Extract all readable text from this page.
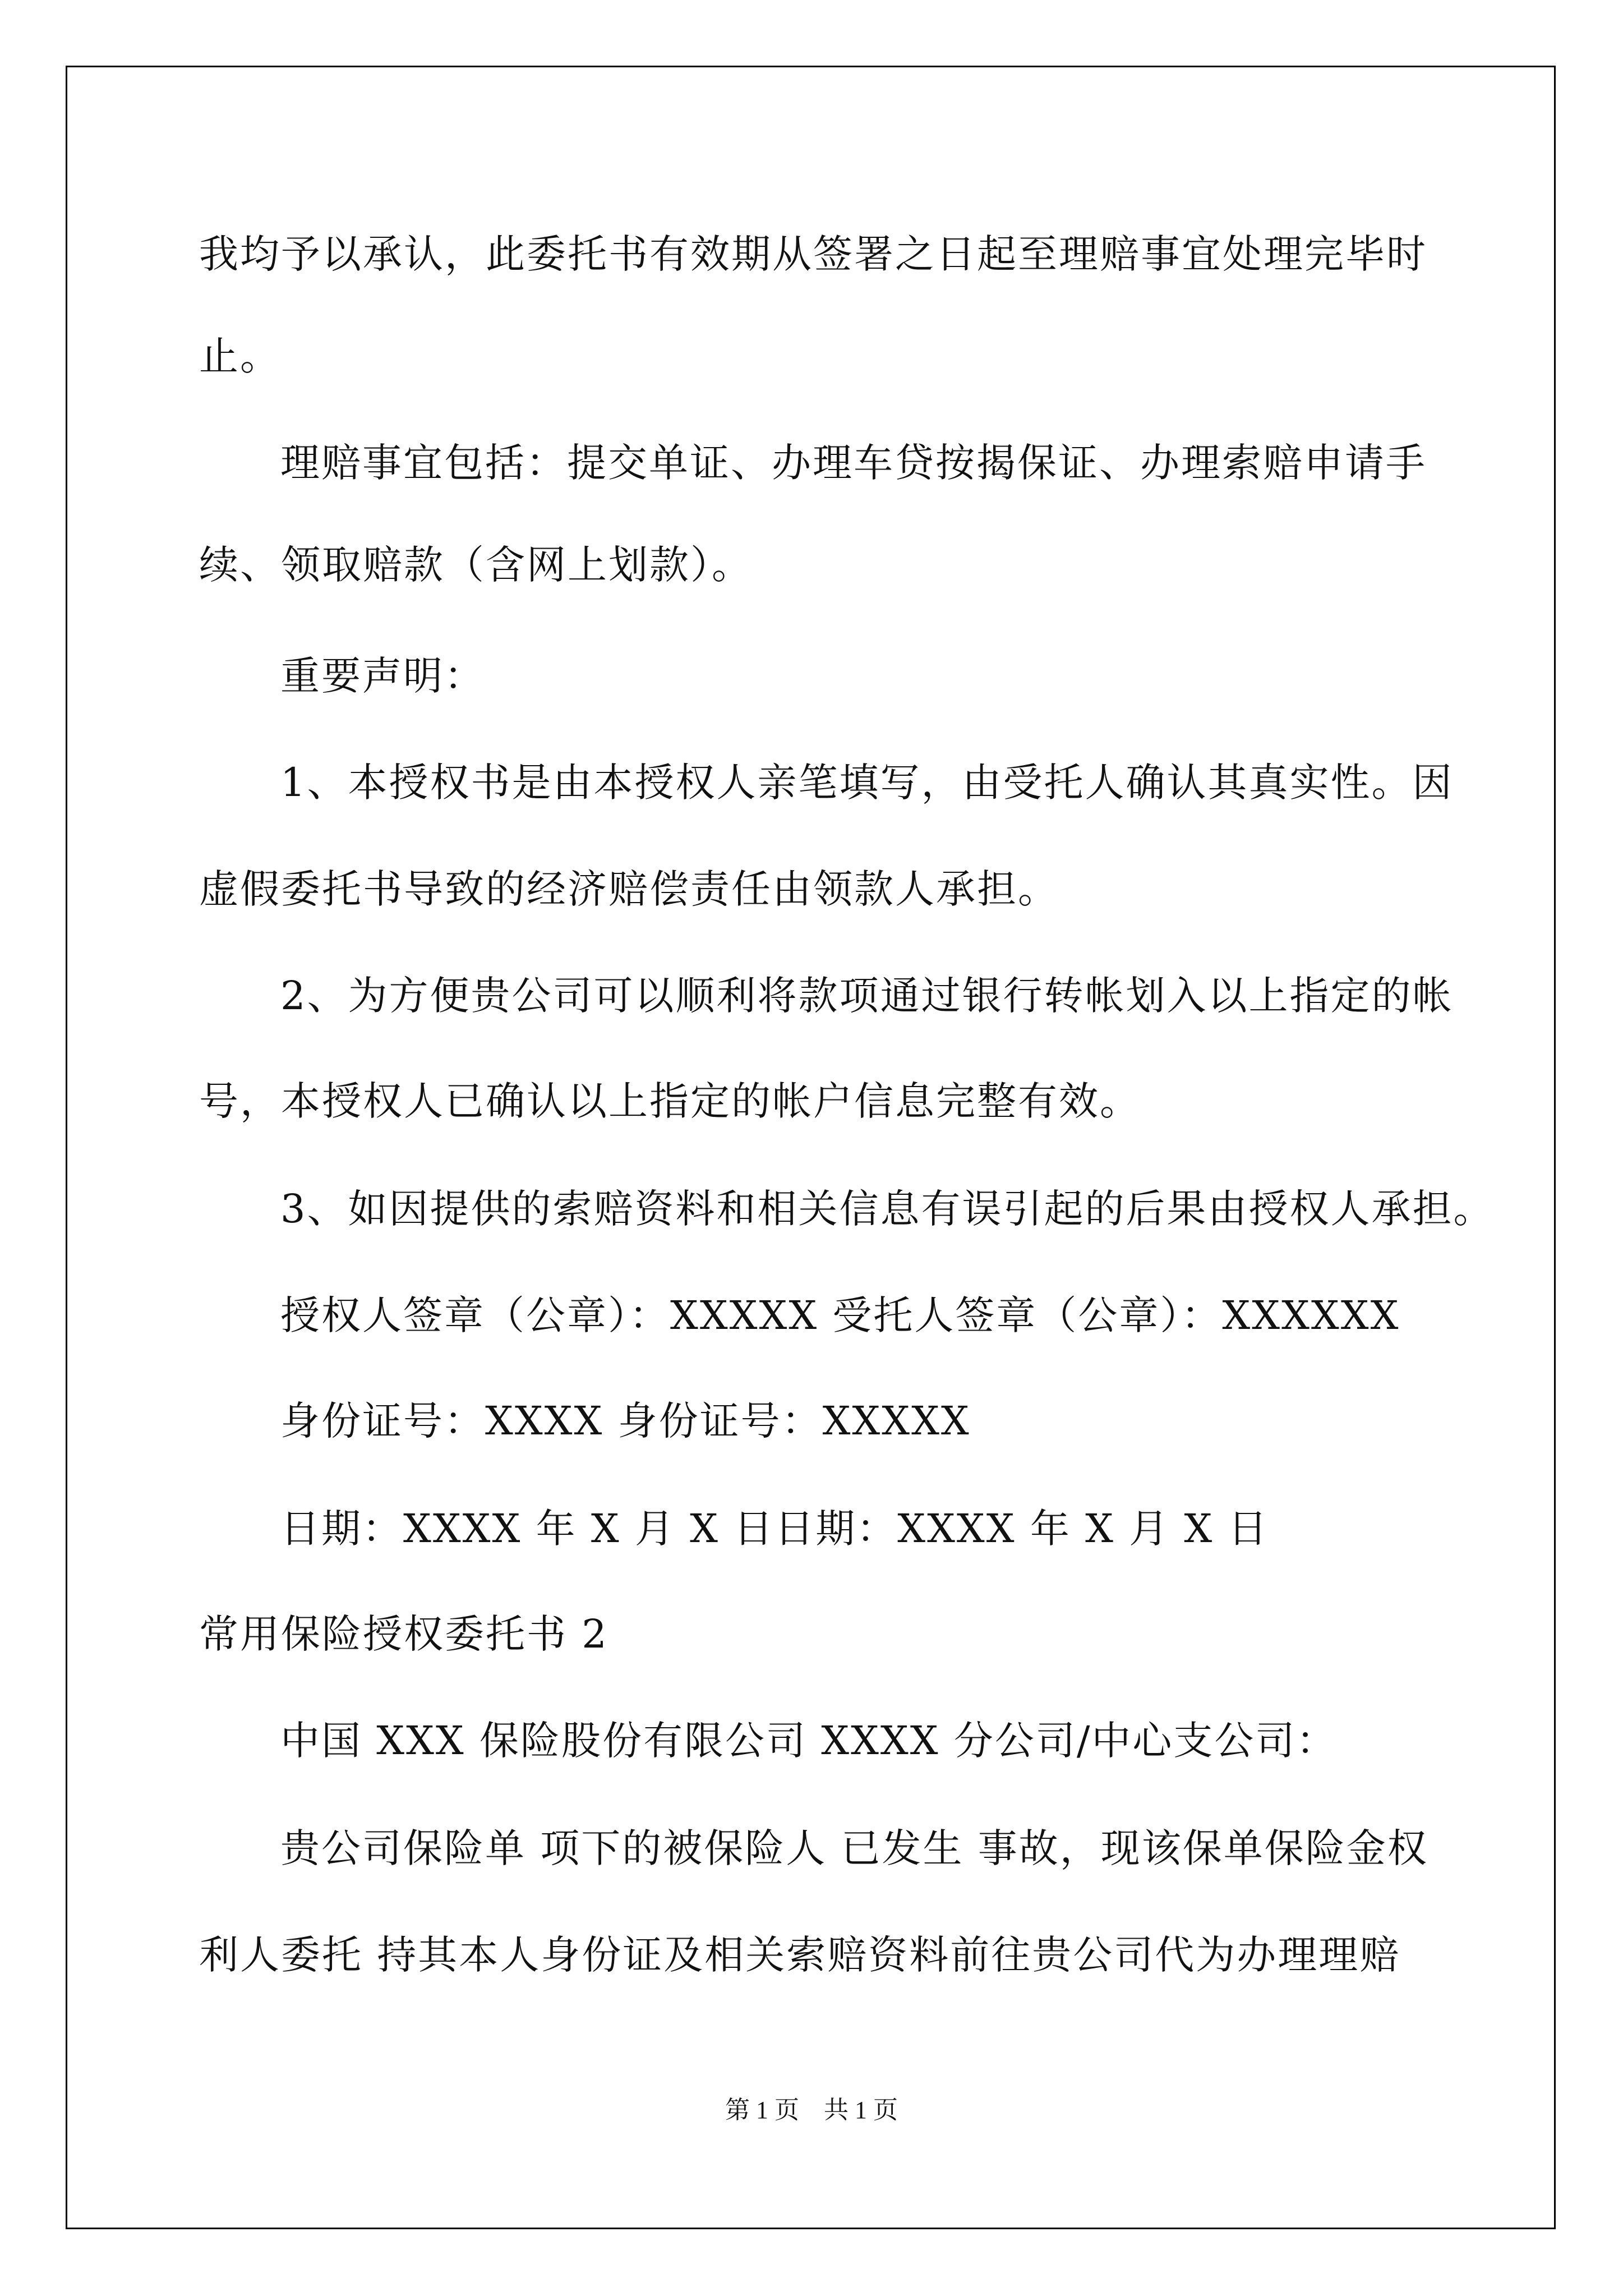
我均予以承认，此委托书有效期从签署之日起至理赔事宜处理完毕时
止。
理赔事宜包括：提交单证、办理车贷按揭保证、办理索赔申请手
续、领取赔款（含网上划款）。
重要声明：
1、本授权书是由本授权人亲笔填写，由受托人确认其真实性。因
虚假委托书导致的经济赔偿责任由领款人承担。
2、为方便贵公司可以顺利将款项通过银行转帐划入以上指定的帐
号，本授权人已确认以上指定的帐户信息完整有效。
3、如因提供的索赔资料和相关信息有误引起的后果由授权人承担。
授权人签章（公章）：XXXXX 受托人签章（公章）：XXXXXX
身份证号：XXXX 身份证号：XXXXX
日期：XXXX 年 X 月 X 日日期：XXXX 年 X 月 X 日
常用保险授权委托书 2
中国 XXX 保险股份有限公司 XXXX 分公司/中心支公司：
贵公司保险单 项下的被保险人 已发生 事故，现该保单保险金权
利人委托 持其本人身份证及相关索赔资料前往贵公司代为办理理赔
第 1 页　共 1 页
